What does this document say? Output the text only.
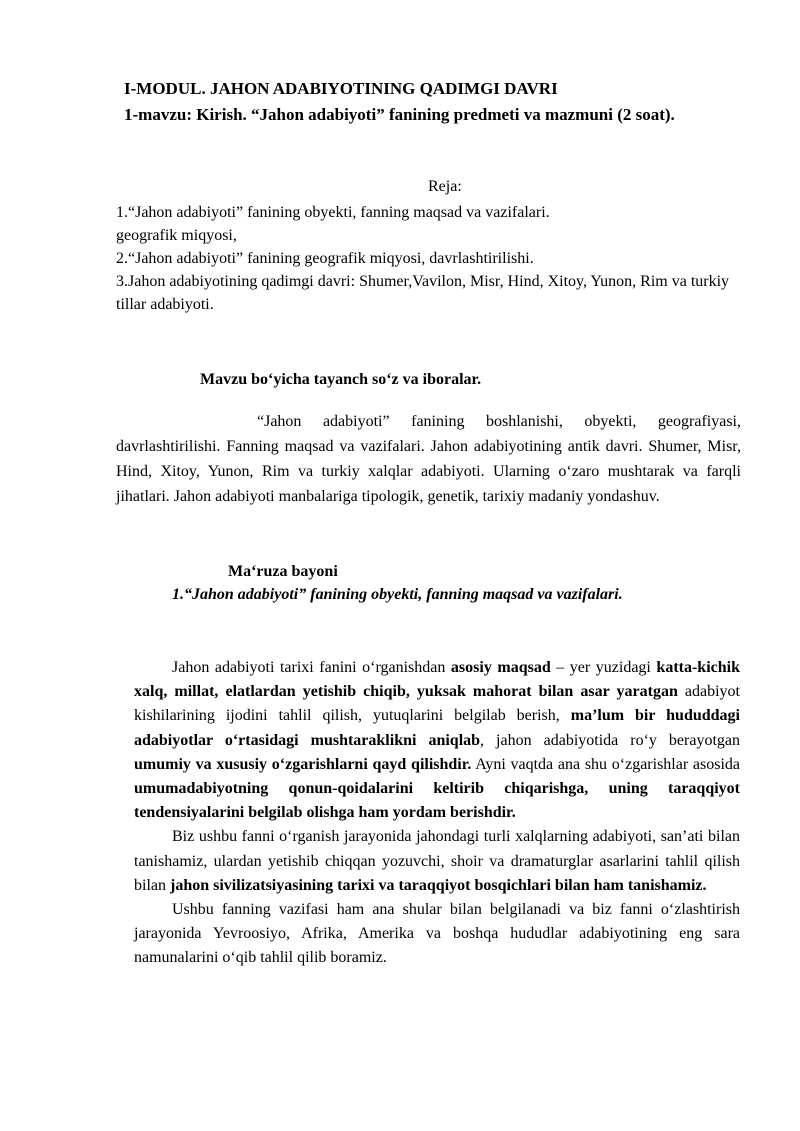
I-MODUL. JAHON ADABIYOTINING QADIMGI DAVRI
1-mavzu: Kirish. “Jahon adabiyoti” fanining predmeti va mazmuni (2 soat).
Reja:
1.“Jahon adabiyoti” fanining obyekti, fanning maqsad va vazifalari.
geografik miqyosi,
2.“Jahon adabiyoti” fanining geografik miqyosi, davrlashtirilishi.
3.Jahon adabiyotining qadimgi davri: Shumer,Vavilon, Misr, Hind, Xitoy, Yunon, Rim va turkiy tillar adabiyoti.
Mavzu bo‘yicha tayanch so‘z va iboralar.

“Jahon adabiyoti” fanining boshlanishi, obyekti, geografiyasi, davrlashtirilishi. Fanning maqsad va vazifalari. Jahon adabiyotining antik davri. Shumer, Misr, Hind, Xitoy, Yunon, Rim va turkiy xalqlar adabiyoti. Ularning o‘zaro mushtarak va farqli jihatlari. Jahon adabiyoti manbalariga tipologik, genetik, tarixiy madaniy yondashuv.

Ma‘ruza bayoni
1.“Jahon adabiyoti” fanining obyekti, fanning maqsad va vazifalari.

Jahon adabiyoti tarixi fanini o‘rganishdan asosiy maqsad – yer yuzidagi katta-kichik xalq, millat, elatlardan yetishib chiqib, yuksak mahorat bilan asar yaratgan adabiyot kishilarining ijodini tahlil qilish, yutuqlarini belgilab berish, ma’lum bir hududdagi adabiyotlar o‘rtasidagi mushtaraklikni aniqlab, jahon adabiyotida ro‘y berayotgan umumiy va xususiy o‘zgarishlarni qayd qilishdir. Ayni vaqtda ana shu o‘zgarishlar asosida umumadabiyotning qonun-qoidalarini keltirib chiqarishga, uning taraqqiyot tendensiyalarini belgilab olishga ham yordam berishdir.

Biz ushbu fanni o‘rganish jarayonida jahondagi turli xalqlarning adabiyoti, san’ati bilan tanishamiz, ulardan yetishib chiqqan yozuvchi, shoir va dramaturglar asarlarini tahlil qilish bilan jahon sivilizatsiyasining tarixi va taraqqiyot bosqichlari bilan ham tanishamiz.

Ushbu fanning vazifasi ham ana shular bilan belgilanadi va biz fanni o‘zlashtirish jarayonida Yevroosiyo, Afrika, Amerika va boshqa hududlar adabiyotining eng sara namunalarini o‘qib tahlil qilib boramiz.
